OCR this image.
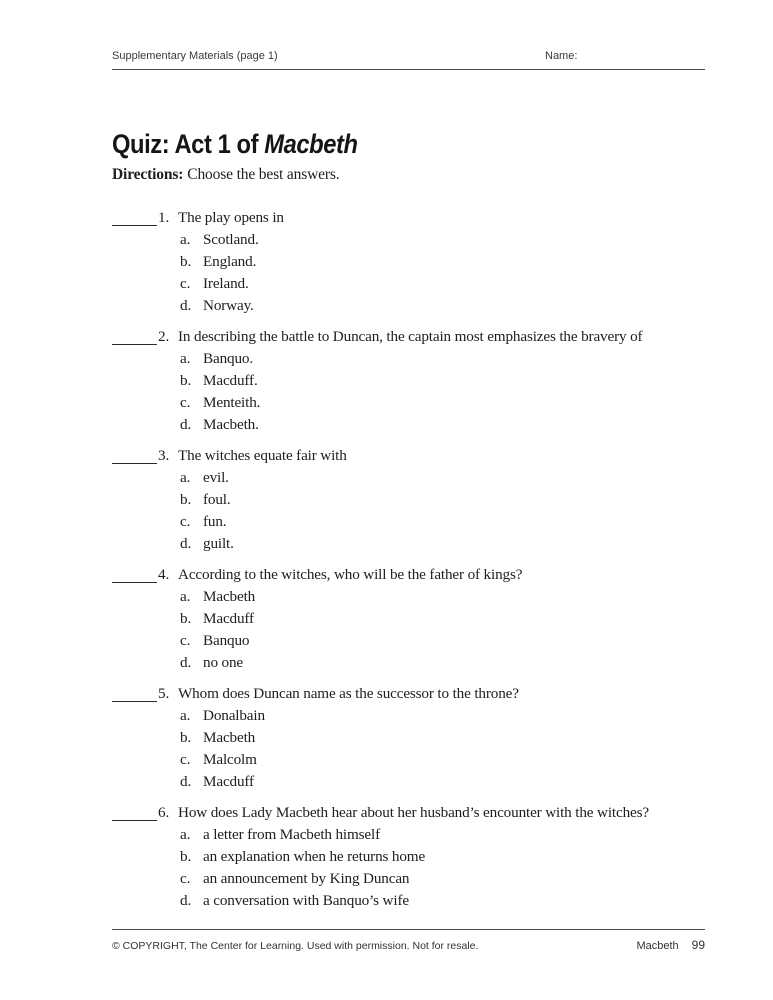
Supplementary Materials (page 1)	Name:
Quiz: Act 1 of Macbeth
Directions: Choose the best answers.
1. The play opens in
a. Scotland.
b. England.
c. Ireland.
d. Norway.
2. In describing the battle to Duncan, the captain most emphasizes the bravery of
a. Banquo.
b. Macduff.
c. Menteith.
d. Macbeth.
3. The witches equate fair with
a. evil.
b. foul.
c. fun.
d. guilt.
4. According to the witches, who will be the father of kings?
a. Macbeth
b. Macduff
c. Banquo
d. no one
5. Whom does Duncan name as the successor to the throne?
a. Donalbain
b. Macbeth
c. Malcolm
d. Macduff
6. How does Lady Macbeth hear about her husband’s encounter with the witches?
a. a letter from Macbeth himself
b. an explanation when he returns home
c. an announcement by King Duncan
d. a conversation with Banquo’s wife
© COPYRIGHT, The Center for Learning. Used with permission. Not for resale.	Macbeth 99
